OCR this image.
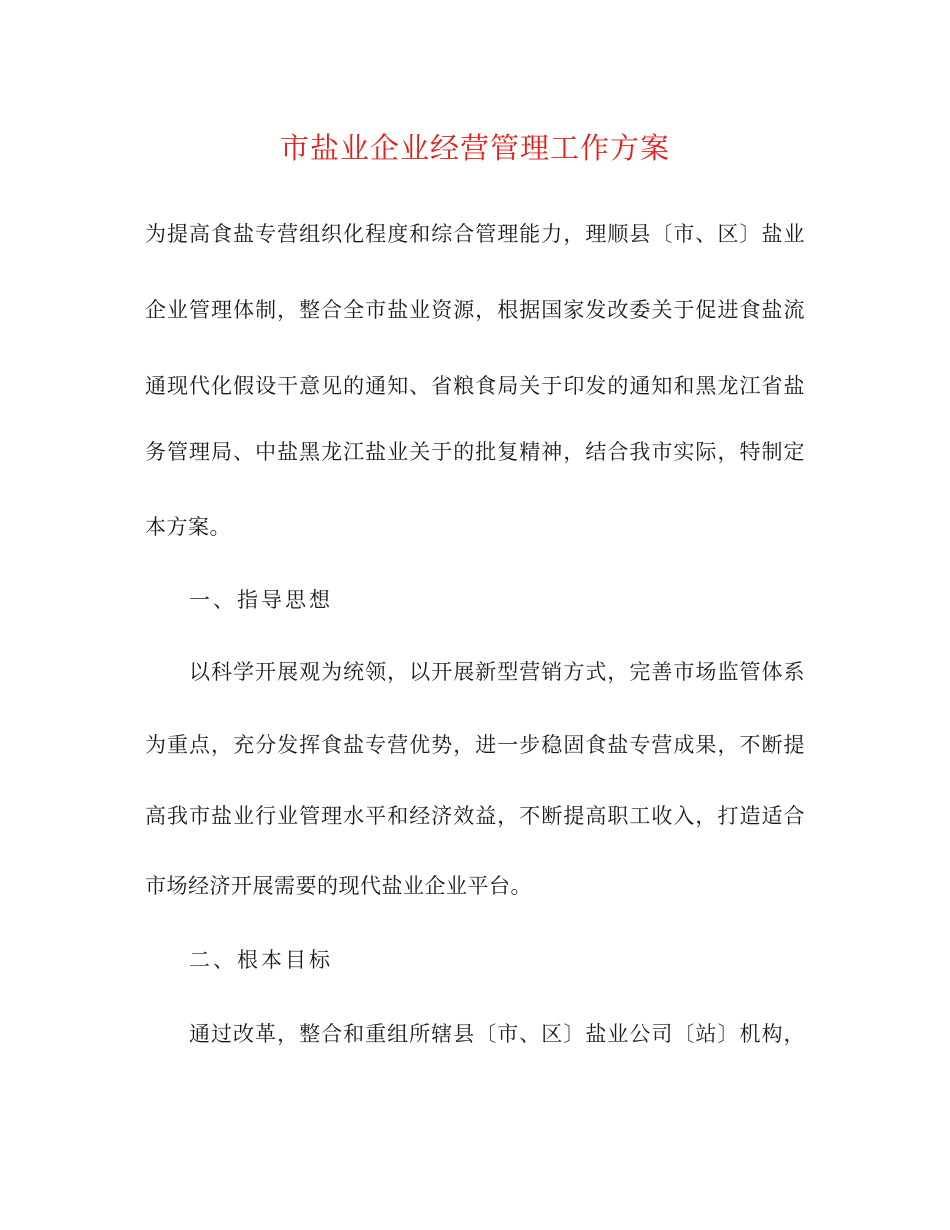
市盐业企业经营管理工作方案
为提高食盐专营组织化程度和综合管理能力，理顺县〔市、区〕盐业
企业管理体制，整合全市盐业资源，根据国家发改委关于促进食盐流
通现代化假设干意见的通知、省粮食局关于印发的通知和黑龙江省盐
务管理局、中盐黑龙江盐业关于的批复精神，结合我市实际，特制定
本方案。
一、指导思想
以科学开展观为统领，以开展新型营销方式，完善市场监管体系
为重点，充分发挥食盐专营优势，进一步稳固食盐专营成果，不断提
高我市盐业行业管理水平和经济效益，不断提高职工收入，打造适合
市场经济开展需要的现代盐业企业平台。
二、根本目标
通过改革，整合和重组所辖县〔市、区〕盐业公司〔站〕机构，
